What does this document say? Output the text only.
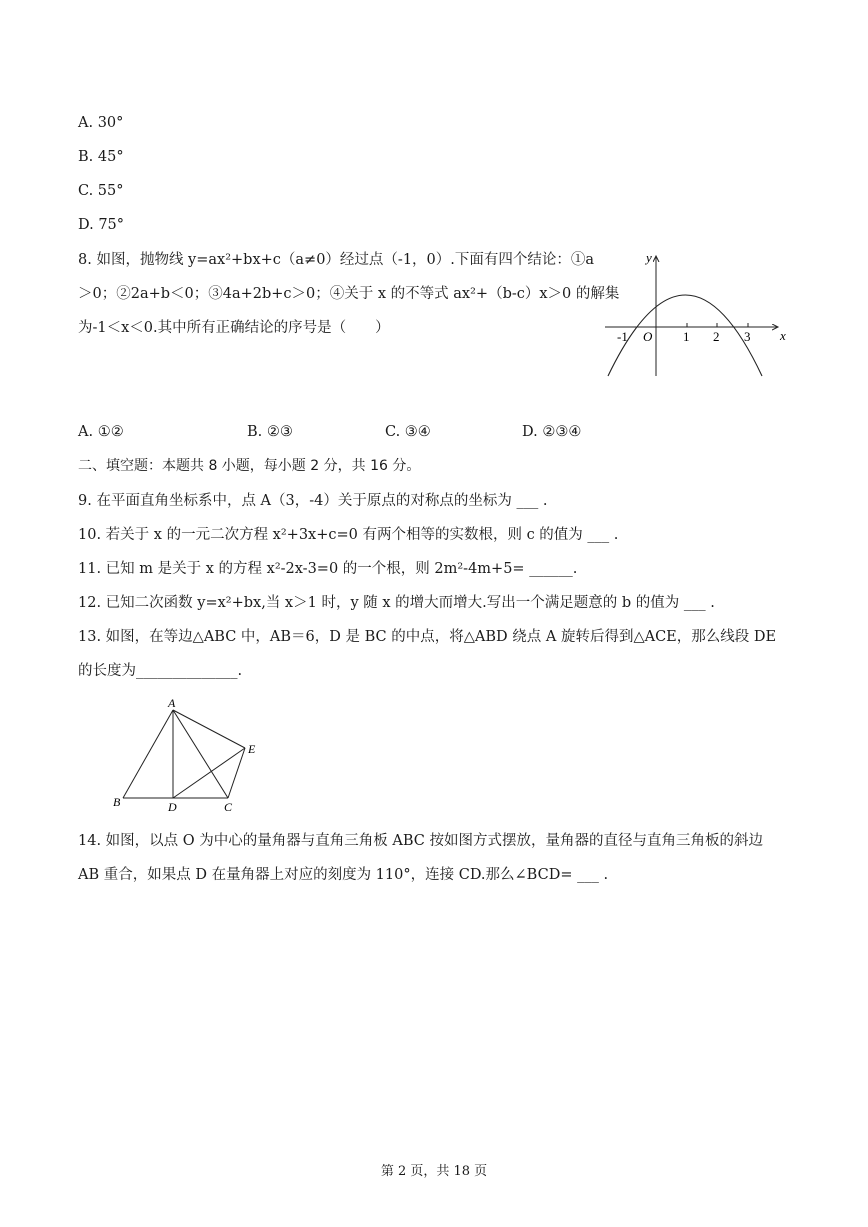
A. 30°
B. 45°
C. 55°
D. 75°
8. 如图，抛物线 y=ax²+bx+c（a≠0）经过点（-1，0）.下面有四个结论：①a
＞0；②2a+b＜0；③4a+2b+c＞0；④关于 x 的不等式 ax²+（b-c）x＞0 的解集
为-1＜x＜0.其中所有正确结论的序号是（　　）
y
x
O
-1	1 2 3
A. ①②	B. ②③	C. ③④	D. ②③④
二、填空题：本题共 8 小题，每小题 2 分，共 16 分。
9. 在平面直角坐标系中，点 A（3，-4）关于原点的对称点的坐标为 ___ .
10. 若关于 x 的一元二次方程 x²+3x+c=0 有两个相等的实数根，则 c 的值为 ___ .
11. 已知 m 是关于 x 的方程 x²-2x-3=0 的一个根，则 2m²-4m+5= ______.
12. 已知二次函数 y=x²+bx,当 x＞1 时，y 随 x 的增大而增大.写出一个满足题意的 b 的值为 ___ .
13. 如图，在等边△ABC 中，AB＝6，D 是 BC 的中点，将△ABD 绕点 A 旋转后得到△ACE，那么线段 DE
的长度为______________.
A
B	D	C
E
14. 如图，以点 O 为中心的量角器与直角三角板 ABC 按如图方式摆放，量角器的直径与直角三角板的斜边
AB 重合，如果点 D 在量角器上对应的刻度为 110°，连接 CD.那么∠BCD= ___ .
第 2 页，共 18 页
